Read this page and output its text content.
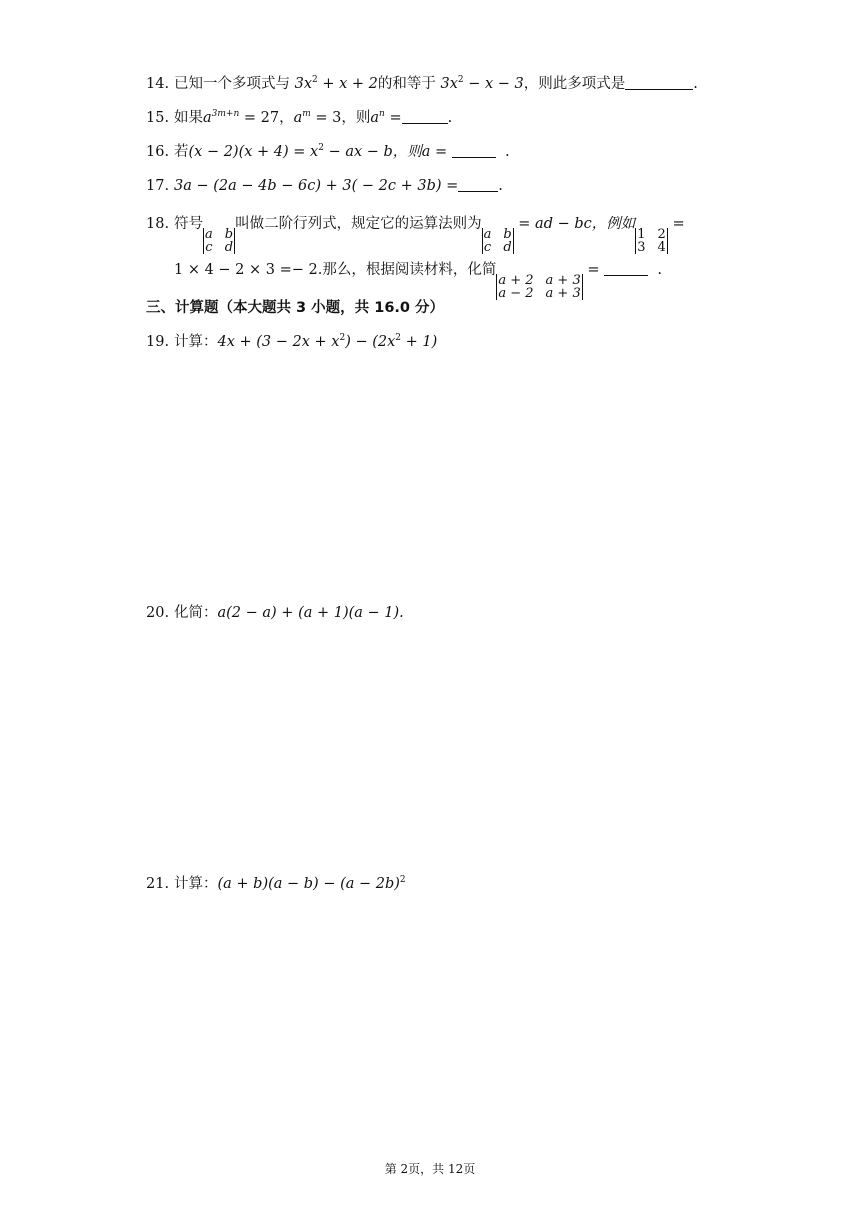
14. 已知一个多项式与 $3x^2 + x + 2$的和等于 $3x^2 - x - 3$，则此多项式是	.
15. 如果$a^{3m+n} = 27$，$a^m = 3$，则$a^n$ =	.
16. 若$(x - 2)(x + 4) = x^2$ − ax − b，则a =	.
17. 3a − (2a − 4b − 6c) + 3( − 2c + 3b) =	.
18. 符号
a b
c d
叫做二阶行列式，规定它的运算法则为
a b
c d
= ad − bc，例如
1 2
3 4
=
1 × 4 − 2 × 3 =− 2.那么，根据阅读材料，化简
a + 2 a + 3
a − 2 a + 3
=	.
三、计算题（本大题共 3 小题，共 16.0 分）
19. 计算：$4x + (3 - 2x + x^2) - (2x^2 + 1)$
20. 化简：a(2 − a) + (a + 1)(a − 1).
21. 计算：$(a + b)(a - b) - (a - 2b)^2$
第 2页，共 12页
